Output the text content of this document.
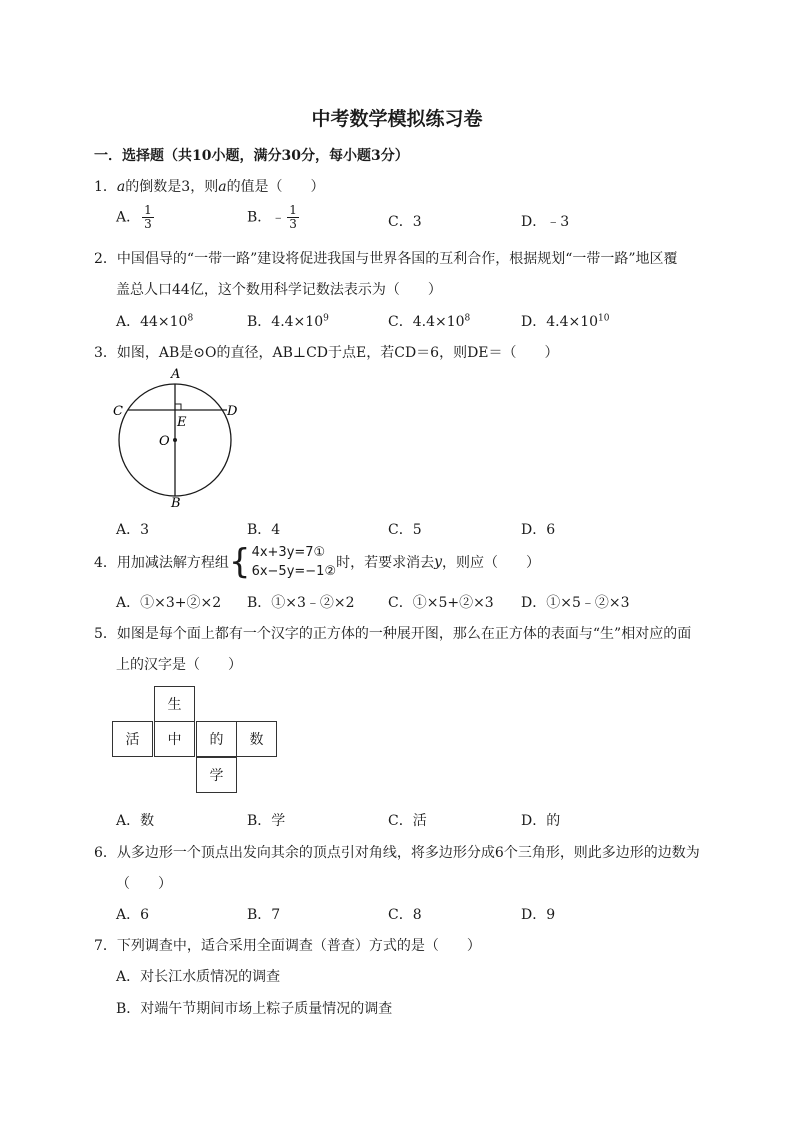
中考数学模拟练习卷
一．选择题（共10小题，满分30分，每小题3分）
1．a的倒数是3，则a的值是（　　）
A． $\frac{1}{3}$	B．﹣ $\frac{1}{3}$	C．3	D．﹣3
2．中国倡导的“一带一路”建设将促进我国与世界各国的互利合作，根据规划“一带一路”地区覆
盖总人口44亿，这个数用科学记数法表示为（　　）
A．$44\times 10^8$	B．$4.4\times 10^9$	C．$4.4\times 10^8$	D．$4.4\times 10^{10}$
3．如图，AB是⊙O的直径，AB⊥CD于点E，若CD＝6，则DE＝（　　）
A
B
C	D
E
O
A．3	B．4	C．5	D．6
4．用加减法解方程组 { 4x+3y=7①
6x−5y=−1②
时，若要求消去 y ，则应（　　）
A．①×3+②×2 B．①×3﹣②×2 C．①×5+②×3 D．①×5﹣②×3
5．如图是每个面上都有一个汉字的正方体的一种展开图，那么在正方体的表面与“生”相对应的面
上的汉字是（　　）
生
活	中	的	数
学
A．数	B．学	C．活	D．的
6．从多边形一个顶点出发向其余的顶点引对角线，将多边形分成6个三角形，则此多边形的边数为
（　　）
A．6	B．7	C．8	D．9
7．下列调查中，适合采用全面调查（普查）方式的是（　　）
A．对长江水质情况的调查
B．对端午节期间市场上粽子质量情况的调查
